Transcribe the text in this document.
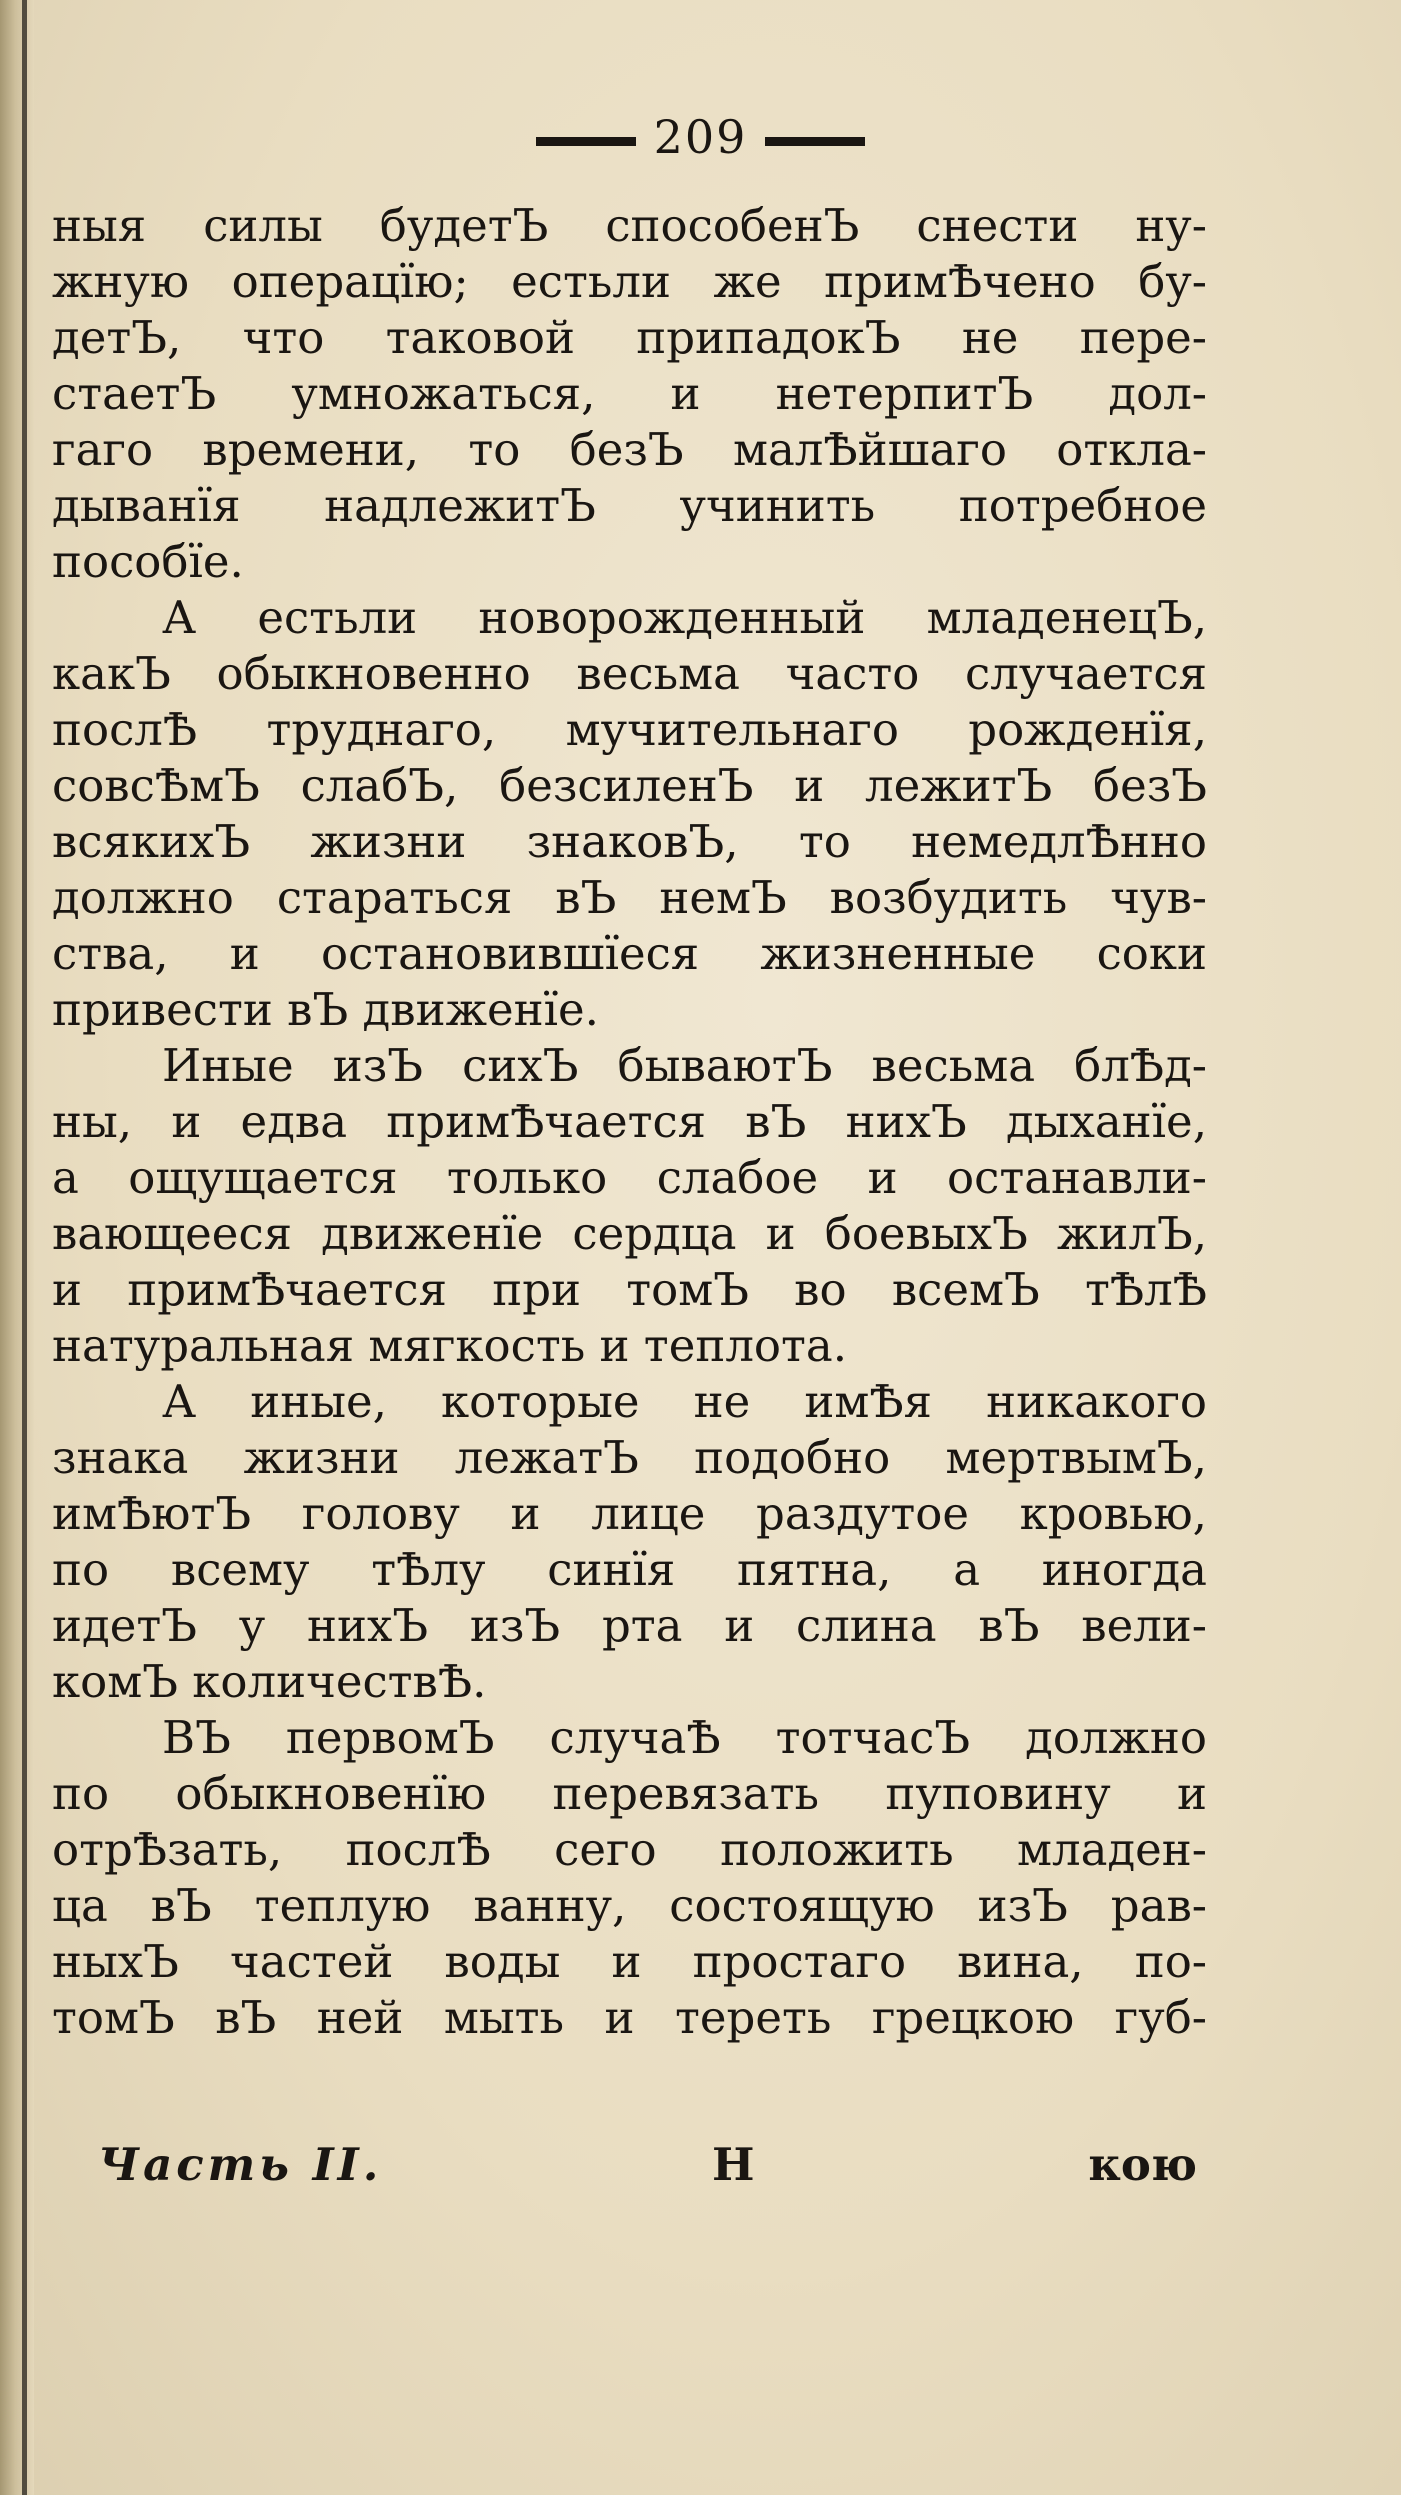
209
ныя силы будетЪ способенЪ снести ну-
жную операцїю; естьли же примѢчено бу-
детЪ, что таковой припадокЪ не пере-
стаетЪ умножаться, и нетерпитЪ дол-
гаго времени, то безЪ малѢйшаго откла-
дыванїя надлежитЪ учинить потребное
пособїе.
А естьли новорожденный младенецЪ,
какЪ обыкновенно весьма часто случается
послѢ труднаго, мучительнаго рожденїя,
совсѢмЪ слабЪ, безсиленЪ и лежитЪ безЪ
всякихЪ жизни знаковЪ, то немедлѢнно
должно стараться вЪ немЪ возбудить чув-
ства, и остановившїеся жизненные соки
привести вЪ движенїе.
Иные изЪ сихЪ бываютЪ весьма блѢд-
ны, и едва примѢчается вЪ нихЪ дыханїе,
а ощущается только слабое и останавли-
вающееся движенїе сердца и боевыхЪ жилЪ,
и примѢчается при томЪ во всемЪ тѢлѢ
натуральная мягкость и теплота.
А иные, которые не имѢя никакого
знака жизни лежатЪ подобно мертвымЪ,
имѢютЪ голову и лице раздутое кровью,
по всему тѢлу синїя пятна, а иногда
идетЪ у нихЪ изЪ рта и слина вЪ вели-
комЪ количествѢ.
ВЪ первомЪ случаѢ тотчасЪ должно
по обыкновенїю перевязать пуповину и
отрѢзать, послѢ сего положить младен-
ца вЪ теплую ванну, состоящую изЪ рав-
ныхЪ частей воды и простаго вина, по-
томЪ вЪ ней мыть и тереть грецкою губ-
Часть II.	Н	кою
